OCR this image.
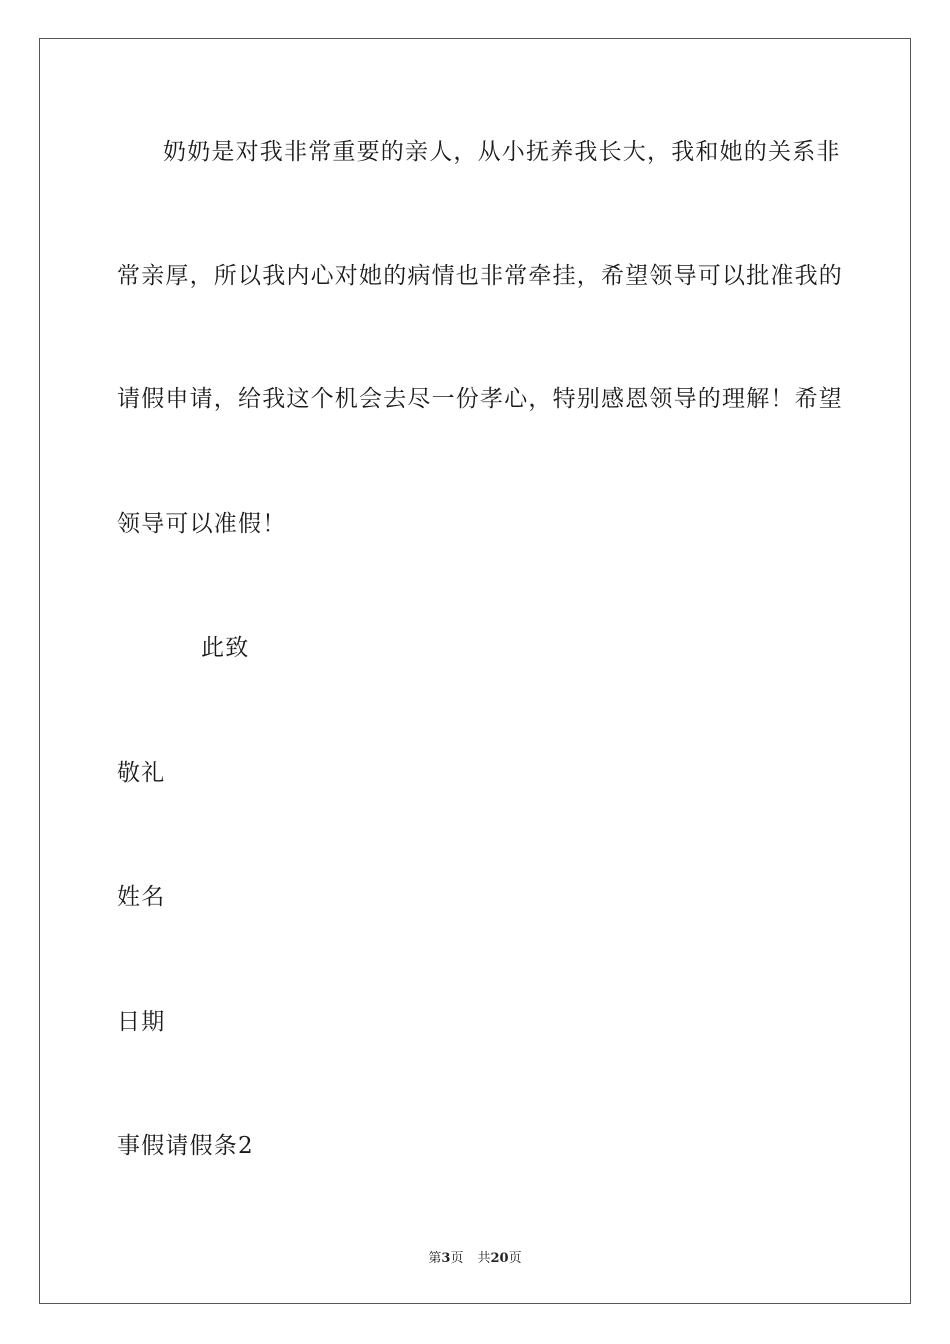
奶奶是对我非常重要的亲人，从小抚养我长大，我和她的关系非
常亲厚，所以我内心对她的病情也非常牵挂，希望领导可以批准我的
请假申请，给我这个机会去尽一份孝心，特别感恩领导的理解！希望
领导可以准假！
此致
敬礼
姓名
日期
事假请假条2
第3页 共20页
